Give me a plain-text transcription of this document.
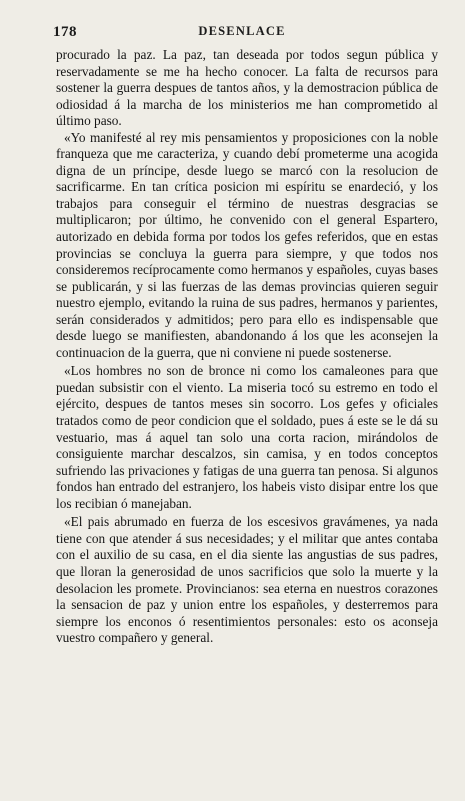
178	DESENLACE

procurado la paz. La paz, tan deseada por todos segun pública y reservadamente se me ha hecho conocer. La falta de recursos para sostener la guerra despues de tantos años, y la demostracion pública de odiosidad á la marcha de los ministerios me han comprometido al último paso.

«Yo manifesté al rey mis pensamientos y proposiciones con la noble franqueza que me caracteriza, y cuando debí prometerme una acogida digna de un príncipe, desde luego se marcó con la resolucion de sacrificarme. En tan crítica posicion mi espíritu se enardeció, y los trabajos para conseguir el término de nuestras desgracias se multiplicaron; por último, he convenido con el general Espartero, autorizado en debida forma por todos los gefes referidos, que en estas provincias se concluya la guerra para siempre, y que todos nos consideremos recíprocamente como hermanos y españoles, cuyas bases se publicarán, y si las fuerzas de las demas provincias quieren seguir nuestro ejemplo, evitando la ruina de sus padres, hermanos y parientes, serán considerados y admitidos; pero para ello es indispensable que desde luego se manifiesten, abandonando á los que les aconsejen la continuacion de la guerra, que ni conviene ni puede sostenerse.

«Los hombres no son de bronce ni como los camaleones para que puedan subsistir con el viento. La miseria tocó su estremo en todo el ejército, despues de tantos meses sin socorro. Los gefes y oficiales tratados como de peor condicion que el soldado, pues á este se le dá su vestuario, mas á aquel tan solo una corta racion, mirándolos de consiguiente marchar descalzos, sin camisa, y en todos conceptos sufriendo las privaciones y fatigas de una guerra tan penosa. Si algunos fondos han entrado del estranjero, los habeis visto disipar entre los que los recibian ó manejaban.

«El pais abrumado en fuerza de los escesivos gravámenes, ya nada tiene con que atender á sus necesidades; y el militar que antes contaba con el auxilio de su casa, en el dia siente las angustias de sus padres, que lloran la generosidad de unos sacrificios que solo la muerte y la desolacion les promete. Provincianos: sea eterna en nuestros corazones la sensacion de paz y union entre los españoles, y desterremos para siempre los enconos ó resentimientos personales: esto os aconseja vuestro compañero y general.
